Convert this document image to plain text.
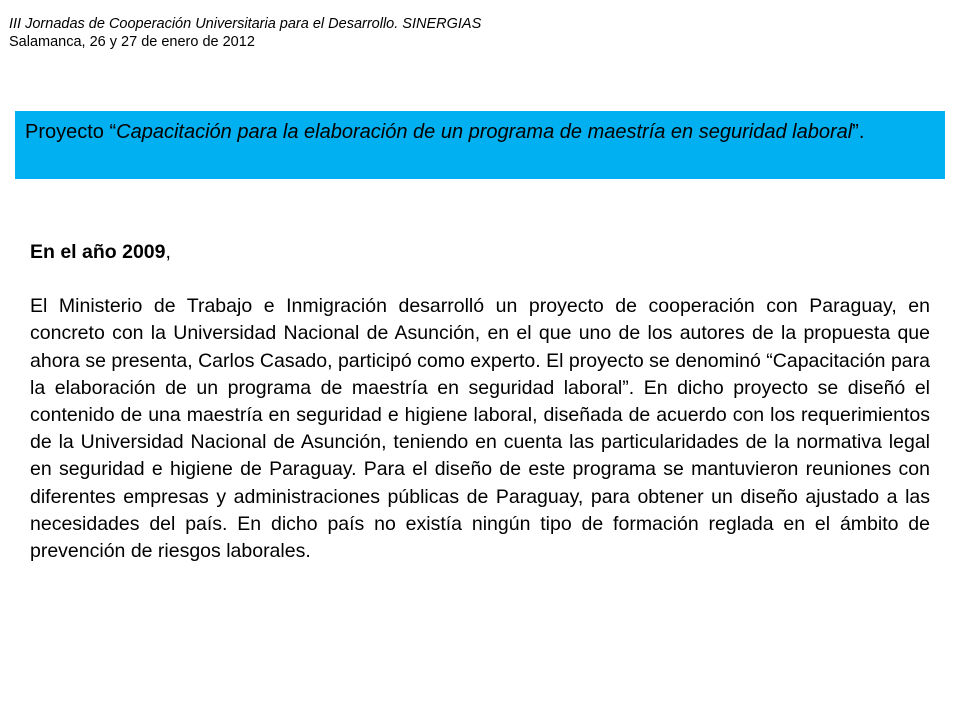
III Jornadas de Cooperación Universitaria para el Desarrollo. SINERGIAS
Salamanca, 26 y 27 de enero de 2012

Proyecto “Capacitación para la elaboración de un programa de maestría en seguridad laboral”.

En el año 2009,

El Ministerio de Trabajo e Inmigración desarrolló un proyecto de cooperación con Paraguay, en concreto con la Universidad Nacional de Asunción, en el que uno de los autores de la propuesta que ahora se presenta, Carlos Casado, participó como experto. El proyecto se denominó “Capacitación para la elaboración de un programa de maestría en seguridad laboral”. En dicho proyecto se diseñó el contenido de una maestría en seguridad e higiene laboral, diseñada de acuerdo con los requerimientos de la Universidad Nacional de Asunción, teniendo en cuenta las particularidades de la normativa legal en seguridad e higiene de Paraguay. Para el diseño de este programa se mantuvieron reuniones con diferentes empresas y administraciones públicas de Paraguay, para obtener un diseño ajustado a las necesidades del país. En dicho país no existía ningún tipo de formación reglada en el ámbito de prevención de riesgos laborales.
